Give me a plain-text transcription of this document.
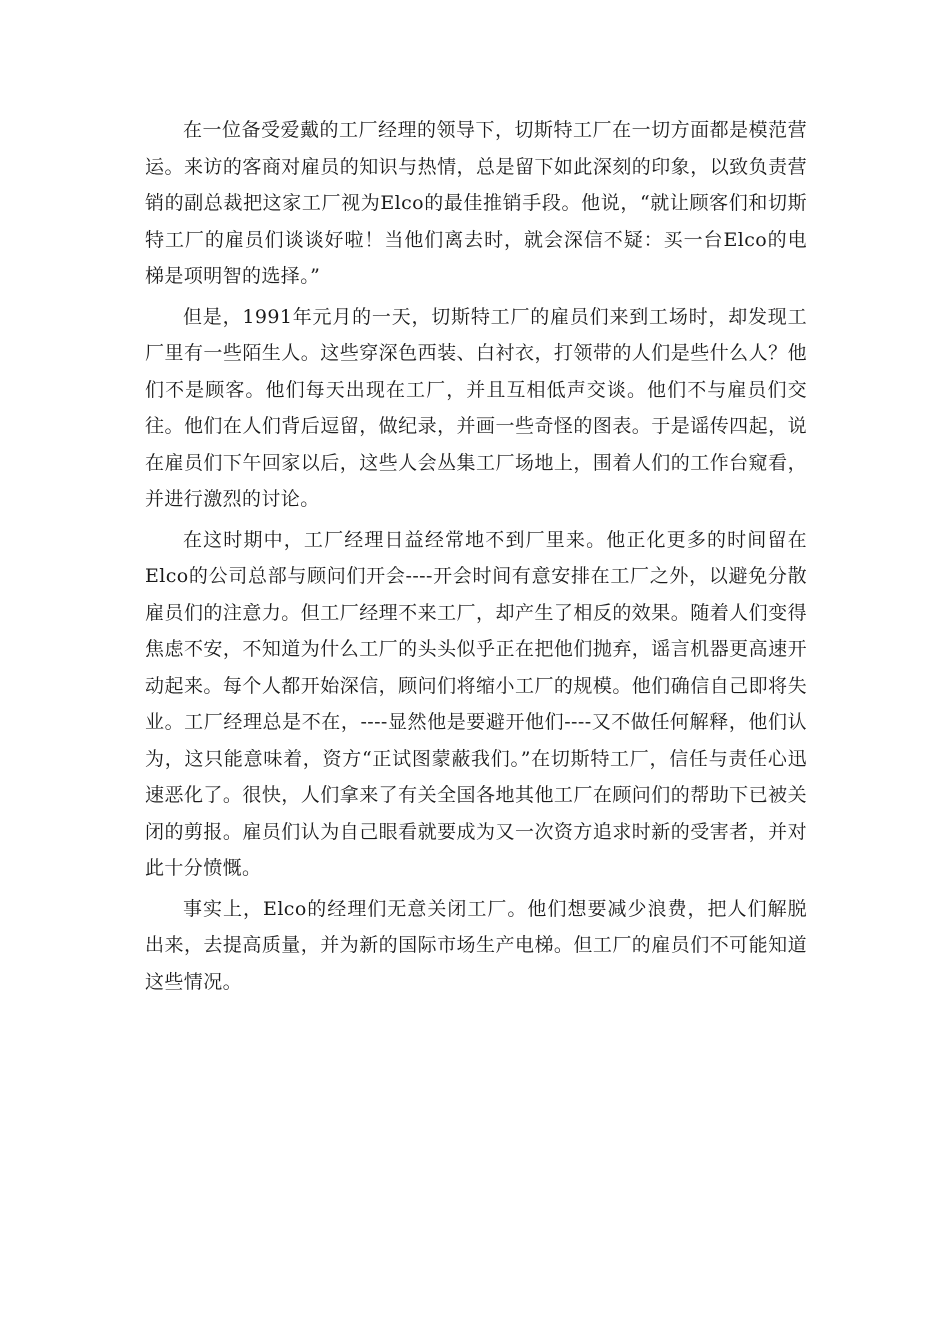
在一位备受爱戴的工厂经理的领导下，切斯特工厂在一切方面都是模范营运。来访的客商对雇员的知识与热情，总是留下如此深刻的印象，以致负责营销的副总裁把这家工厂视为Elco的最佳推销手段。他说，“就让顾客们和切斯特工厂的雇员们谈谈好啦！当他们离去时，就会深信不疑：买一台Elco的电梯是项明智的选择。”

但是，1991年元月的一天，切斯特工厂的雇员们来到工场时，却发现工厂里有一些陌生人。这些穿深色西装、白衬衣，打领带的人们是些什么人？他们不是顾客。他们每天出现在工厂，并且互相低声交谈。他们不与雇员们交往。他们在人们背后逗留，做纪录，并画一些奇怪的图表。于是谣传四起，说在雇员们下午回家以后，这些人会丛集工厂场地上，围着人们的工作台窥看，并进行激烈的讨论。

在这时期中，工厂经理日益经常地不到厂里来。他正化更多的时间留在Elco的公司总部与顾问们开会----开会时间有意安排在工厂之外，以避免分散雇员们的注意力。但工厂经理不来工厂，却产生了相反的效果。随着人们变得焦虑不安，不知道为什么工厂的头头似乎正在把他们抛弃，谣言机器更高速开动起来。每个人都开始深信，顾问们将缩小工厂的规模。他们确信自己即将失业。工厂经理总是不在，----显然他是要避开他们----又不做任何解释，他们认为，这只能意味着，资方“正试图蒙蔽我们。”在切斯特工厂，信任与责任心迅速恶化了。很快，人们拿来了有关全国各地其他工厂在顾问们的帮助下已被关闭的剪报。雇员们认为自己眼看就要成为又一次资方追求时新的受害者，并对此十分愤慨。

事实上，Elco的经理们无意关闭工厂。他们想要减少浪费，把人们解脱出来，去提高质量，并为新的国际市场生产电梯。但工厂的雇员们不可能知道这些情况。
